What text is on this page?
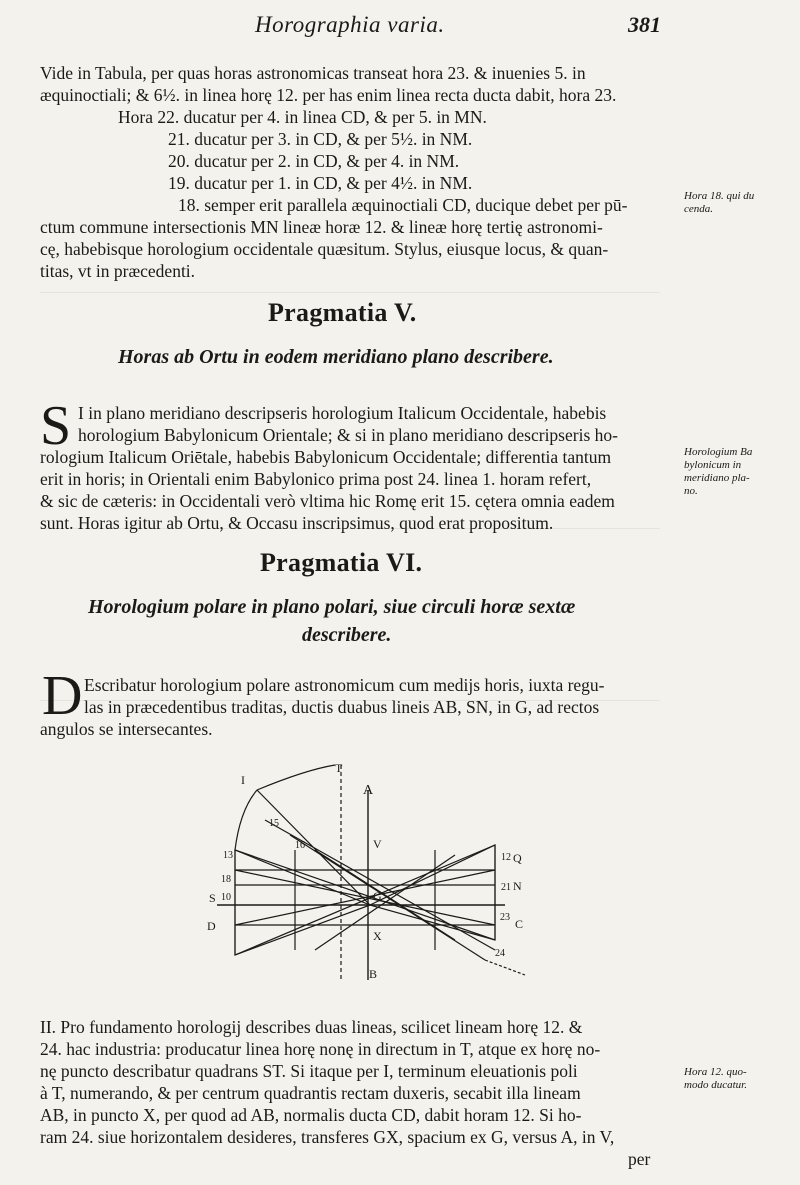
Horographia varia.	381
Vide in Tabula, per quas horas astronomicas transeat hora 23. & inuenies 5. in
æquinoctiali; & 6½. in linea horę 12. per has enim linea recta ducta dabit, hora 23.
Hora 22. ducatur per 4. in linea CD, & per 5. in MN.
21. ducatur per 3. in CD, & per 5½. in NM.
20. ducatur per 2. in CD, & per 4. in NM.
19. ducatur per 1. in CD, & per 4½. in NM.
18. semper erit parallela æquinoctiali CD, ducique debet per pū-
ctum commune intersectionis MN lineæ horæ 12. & lineæ horę tertię astronomi-
cę, habebisque horologium occidentale quæsitum. Stylus, eiusque locus, & quan-
titas, vt in præcedenti.
Hora 18. qui du
cenda.
Pragmatia V.
Horas ab Ortu in eodem meridiano plano describere.
S I in plano meridiano descripseris horologium Italicum Occidentale, habebis
horologium Babylonicum Orientale; & si in plano meridiano descripseris ho-
rologium Italicum Oriētale, habebis Babylonicum Occidentale; differentia tantum
erit in horis; in Orientali enim Babylonico prima post 24. linea 1. horam refert,
& sic de cæteris: in Occidentali verò vltima hic Romę erit 15. cętera omnia eadem
sunt. Horas igitur ab Ortu, & Occasu inscripsimus, quod erat propositum.
Horologium Ba
bylonicum in
meridiano pla-
no.
Pragmatia VI.
Horologium polare in plano polari, siue circuli horæ sextæ
describere.
D Escribatur horologium polare astronomicum cum medijs horis, iuxta regu-
las in præcedentibus traditas, ductis duabus lineis AB, SN, in G, ad rectos
angulos se intersecantes.
T
A
I
V
Q
N
S
D	C
B
G
X
12
13
15
16
18
21
23
24
10
II. Pro fundamento horologij describes duas lineas, scilicet lineam horę 12. &
24. hac industria: producatur linea horę nonę in directum in T, atque ex horę no-
nę puncto describatur quadrans ST. Si itaque per I, terminum eleuationis poli
à T, numerando, & per centrum quadrantis rectam duxeris, secabit illa lineam
AB, in puncto X, per quod ad AB, normalis ducta CD, dabit horam 12. Si ho-
ram 24. siue horizontalem desideres, transferes GX, spacium ex G, versus A, in V,
per
Hora 12. quo-
modo ducatur.
